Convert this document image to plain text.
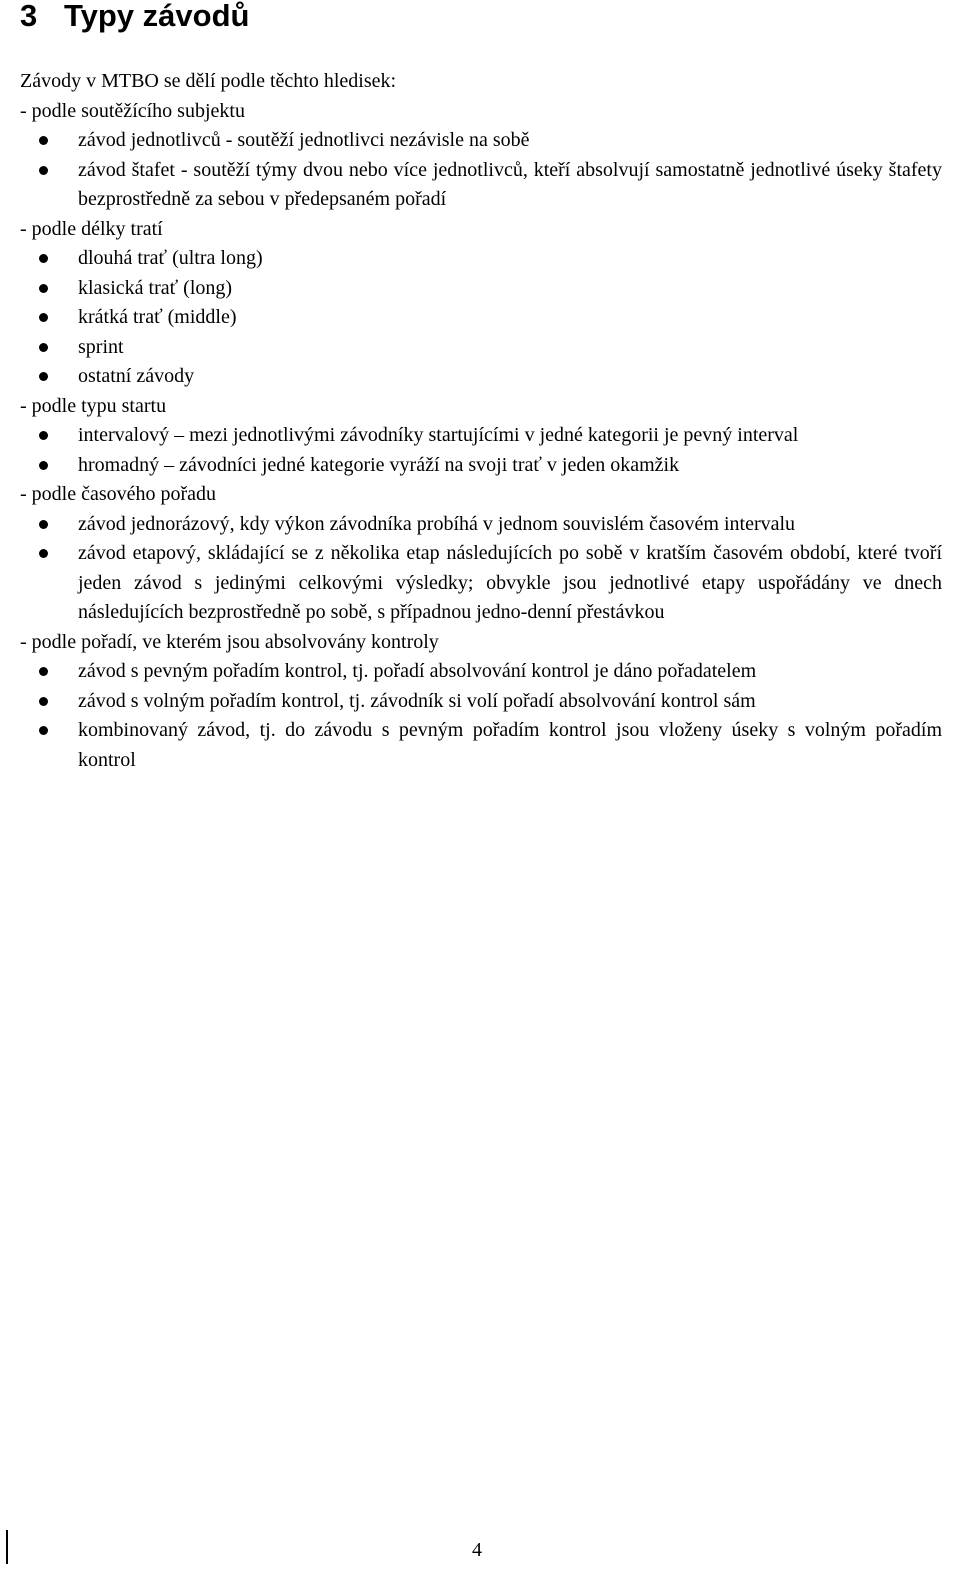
3 Typy závodů
Závody v MTBO se dělí podle těchto hledisek:
- podle soutěžícího subjektu
závod jednotlivců - soutěží jednotlivci nezávisle na sobě
závod štafet - soutěží týmy dvou nebo více jednotlivců, kteří absolvují samostatně jednotlivé úseky štafety bezprostředně za sebou v předepsaném pořadí
- podle délky tratí
dlouhá trať (ultra long)
klasická trať (long)
krátká trať (middle)
sprint
ostatní závody
- podle typu startu
intervalový – mezi jednotlivými závodníky startujícími v jedné kategorii je pevný interval
hromadný – závodníci jedné kategorie vyráží na svoji trať v jeden okamžik
- podle časového pořadu
závod jednorázový, kdy výkon závodníka probíhá v jednom souvislém časovém intervalu
závod etapový, skládající se z několika etap následujících po sobě v kratším časovém období, které tvoří jeden závod s jedinými celkovými výsledky; obvykle jsou jednotlivé etapy uspořádány ve dnech následujících bezprostředně po sobě, s případnou jedno-denní přestávkou
- podle pořadí, ve kterém jsou absolvovány kontroly
závod s pevným pořadím kontrol, tj. pořadí absolvování kontrol je dáno pořadatelem
závod s volným pořadím kontrol, tj. závodník si volí pořadí absolvování kontrol sám
kombinovaný závod, tj. do závodu s pevným pořadím kontrol jsou vloženy úseky s volným pořadím kontrol
4
